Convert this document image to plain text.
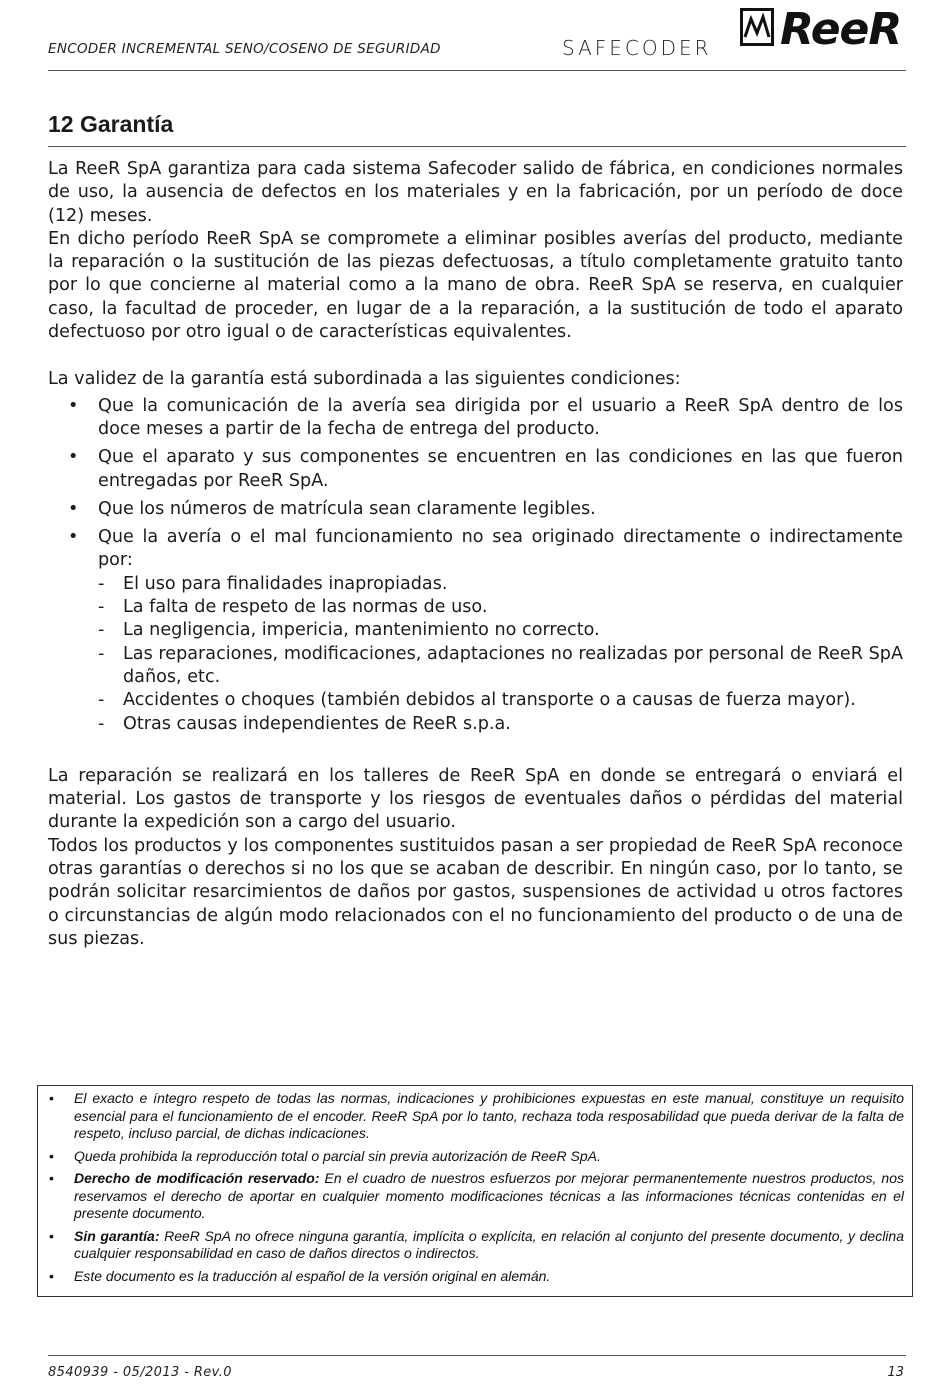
ENCODER INCREMENTAL SENO/COSENO DE SEGURIDAD	SAFECODER ReeR
12 Garantía

La ReeR SpA garantiza para cada sistema Safecoder salido de fábrica, en condiciones normales de uso, la ausencia de defectos en los materiales y en la fabricación, por un período de doce (12) meses.

En dicho período ReeR SpA se compromete a eliminar posibles averías del producto, mediante la reparación o la sustitución de las piezas defectuosas, a título completamente gratuito tanto por lo que concierne al material como a la mano de obra. ReeR SpA se reserva, en cualquier caso, la facultad de proceder, en lugar de a la reparación, a la sustitución de todo el aparato defectuoso por otro igual o de características equivalentes.

La validez de la garantía está subordinada a las siguientes condiciones:

• Que la comunicación de la avería sea dirigida por el usuario a ReeR SpA dentro de los doce meses a partir de la fecha de entrega del producto.
• Que el aparato y sus componentes se encuentren en las condiciones en las que fueron entregadas por ReeR SpA.
• Que los números de matrícula sean claramente legibles.
• Que la avería o el mal funcionamiento no sea originado directamente o indirectamente por:
- El uso para finalidades inapropiadas.
- La falta de respeto de las normas de uso.
- La negligencia, impericia, mantenimiento no correcto.
- Las reparaciones, modificaciones, adaptaciones no realizadas por personal de ReeR SpA daños, etc.
- Accidentes o choques (también debidos al transporte o a causas de fuerza mayor).
- Otras causas independientes de ReeR s.p.a.

La reparación se realizará en los talleres de ReeR SpA en donde se entregará o enviará el material. Los gastos de transporte y los riesgos de eventuales daños o pérdidas del material durante la expedición son a cargo del usuario.

Todos los productos y los componentes sustituidos pasan a ser propiedad de ReeR SpA reconoce otras garantías o derechos si no los que se acaban de describir. En ningún caso, por lo tanto, se podrán solicitar resarcimientos de daños por gastos, suspensiones de actividad u otros factores o circunstancias de algún modo relacionados con el no funcionamiento del producto o de una de sus piezas.

• El exacto e íntegro respeto de todas las normas, indicaciones y prohibiciones expuestas en este manual, constituye un requisito esencial para el funcionamiento de el encoder. ReeR SpA por lo tanto, rechaza toda resposabilidad que pueda derivar de la falta de respeto, incluso parcial, de dichas indicaciones.
• Queda prohibida la reproducción total o parcial sin previa autorización de ReeR SpA.
• Derecho de modificación reservado: En el cuadro de nuestros esfuerzos por mejorar permanentemente nuestros productos, nos reservamos el derecho de aportar en cualquier momento modificaciones técnicas a las informaciones técnicas contenidas en el presente documento.
• Sin garantía: ReeR SpA no ofrece ninguna garantía, implícita o explícita, en relación al conjunto del presente documento, y declina cualquier responsabilidad en caso de daños directos o indirectos.
• Este documento es la traducción al español de la versión original en alemán.
8540939 - 05/2013 - Rev.0	13
